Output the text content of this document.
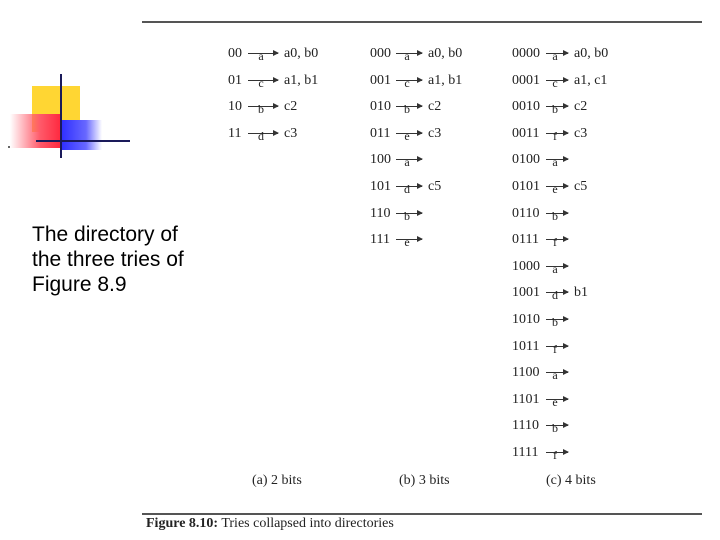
The directory of
the three tries of
Figure 8.9
00 a a0, b0
01 c a1, b1
10 b c2
11 d c3
000 a a0, b0
001 c a1, b1
010 b c2
011 e c3
100 a
101 d c5
110 b
111 e
0000 a a0, b0
0001 c a1, c1
0010 b c2
0011	f c3
0100 a
0101 e c5
0110 b
0111	f
1000 a
1001 d b1
1010 b
1011	f
1100 a
1101 e
1110 b
1111	f
(a) 2 bits	(b) 3 bits	(c) 4 bits
Figure 8.10: Tries collapsed into directories
